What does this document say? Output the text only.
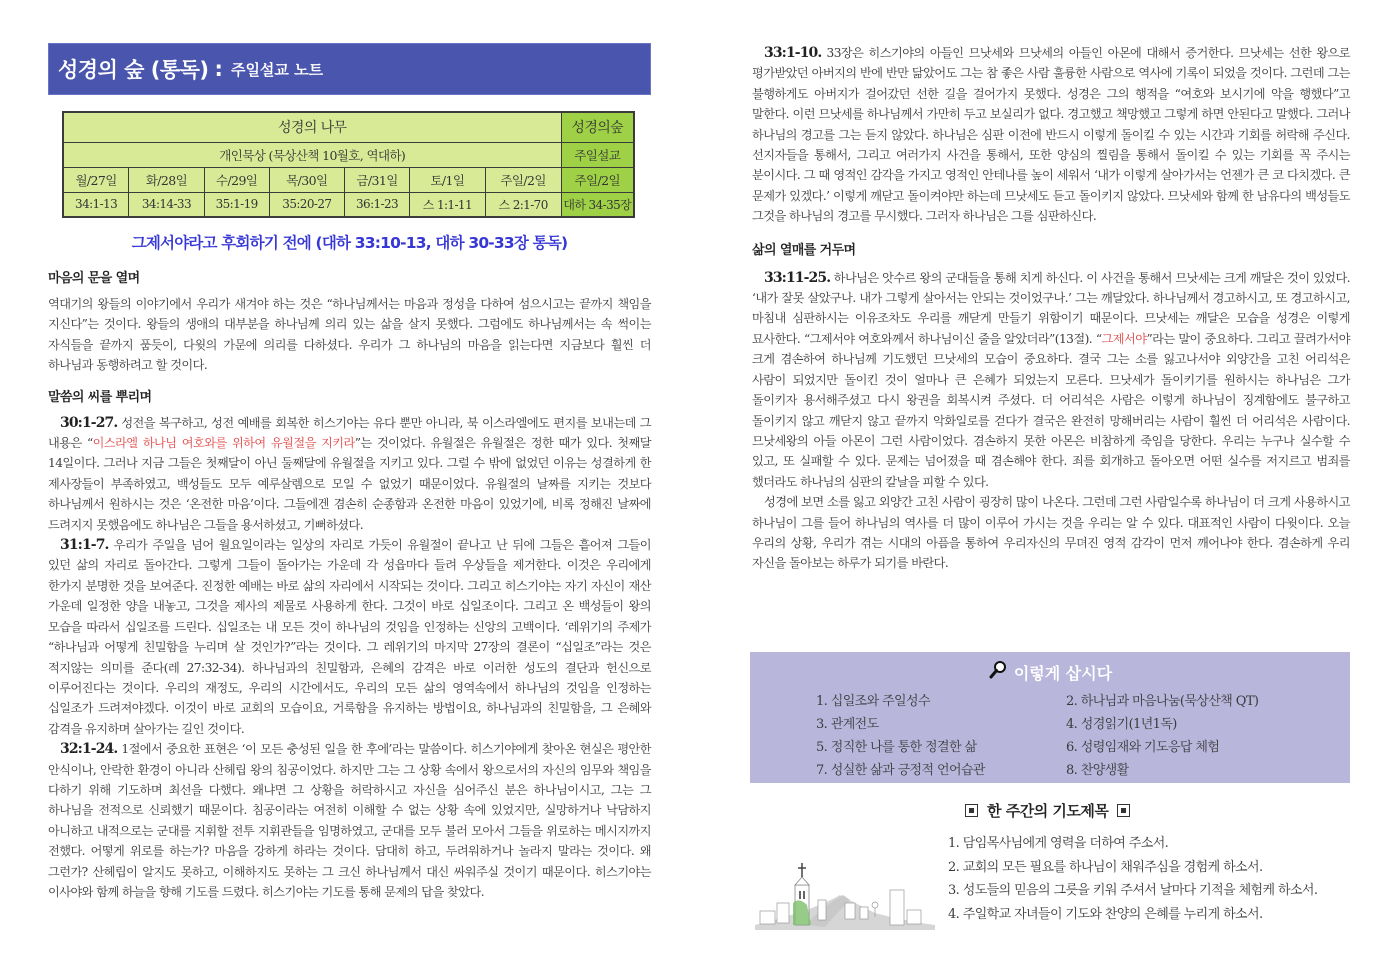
성경의 숲 (통독) : 주일설교 노트
성경의 나무							성경의숲
개인묵상 (묵상산책 10월호, 역대하)							주일설교
월/27일	화/28일	수/29일	목/30일	금/31일	토/1일	주일/2일	주일/2일
34:1-13	34:14-33	35:1-19	35:20-27	36:1-23	스 1:1-11	스 2:1-70	대하 34-35장
그제서야라고 후회하기 전에 (대하 33:10-13, 대하 30-33장 통독)
마음의 문을 열며

역대기의 왕들의 이야기에서 우리가 새겨야 하는 것은 “하나님께서는 마음과 정성을 다하여 섬으시고는 끝까지 책임을 지신다”는 것이다. 왕들의 생애의 대부분을 하나님께 의리 있는 삶을 살지 못했다. 그럼에도 하나님께서는 속 썩이는 자식들을 끝까지 품듯이, 다윗의 가문에 의리를 다하셨다. 우리가 그 하나님의 마음을 읽는다면 지금보다 훨씬 더 하나님과 동행하려고 할 것이다.

말씀의 씨를 뿌리며

30:1-27. 성전을 복구하고, 성전 예배를 회복한 히스기야는 유다 뿐만 아니라, 북 이스라엘에도 편지를 보내는데 그 내용은 “이스라엘 하나님 여호와를 위하여 유월절을 지키라”는 것이었다. 유월절은 유월절은 정한 때가 있다. 첫째달 14일이다. 그러나 지금 그들은 첫째달이 아닌 둘째달에 유월절을 지키고 있다. 그럴 수 밖에 없었던 이유는 성결하게 한 제사장들이 부족하였고, 백성들도 모두 예루살렘으로 모일 수 없었기 때문이었다. 유월절의 날짜를 지키는 것보다 하나님께서 원하시는 것은 ‘온전한 마음’이다. 그들에겐 겸손히 순종함과 온전한 마음이 있었기에, 비록 정해진 날짜에 드려지지 못했음에도 하나님은 그들을 용서하셨고, 기뻐하셨다.

31:1-7. 우리가 주일을 넘어 월요일이라는 일상의 자리로 가듯이 유월절이 끝나고 난 뒤에 그들은 흩어져 그들이 있던 삶의 자리로 돌아간다. 그렇게 그들이 돌아가는 가운데 각 성읍마다 들려 우상들을 제거한다. 이것은 우리에게 한가지 분명한 것을 보여준다. 진정한 예배는 바로 삶의 자리에서 시작되는 것이다. 그리고 히스기야는 자기 자신이 재산 가운데 일정한 양을 내놓고, 그것을 제사의 제물로 사용하게 한다. 그것이 바로 십일조이다. 그리고 온 백성들이 왕의 모습을 따라서 십일조를 드린다. 십일조는 내 모든 것이 하나님의 것임을 인정하는 신앙의 고백이다. ‘레위기의 주제가 “하나님과 어떻게 친밀함을 누리며 살 것인가?”라는 것이다. 그 레위기의 마지막 27장의 결론이 “십일조”라는 것은 적지않는 의미를 준다(레 27:32-34). 하나님과의 친밀함과, 은혜의 감격은 바로 이러한 성도의 결단과 헌신으로 이루어진다는 것이다. 우리의 재정도, 우리의 시간에서도, 우리의 모든 삶의 영역속에서 하나님의 것임을 인정하는 십일조가 드려져야겠다. 이것이 바로 교회의 모습이요, 거룩함을 유지하는 방법이요, 하나님과의 친밀함을, 그 은혜와 감격을 유지하며 살아가는 길인 것이다.

32:1-24. 1절에서 중요한 표현은 ‘이 모든 충성된 일을 한 후에’라는 말씀이다. 히스기야에게 찾아온 현실은 평안한 안식이나, 안락한 환경이 아니라 산헤립 왕의 침공이었다. 하지만 그는 그 상황 속에서 왕으로서의 자신의 임무와 책임을 다하기 위해 기도하며 최선을 다했다. 왜냐면 그 상황을 허락하시고 자신을 심어주신 분은 하나님이시고, 그는 그 하나님을 전적으로 신뢰했기 때문이다. 침공이라는 여전히 이해할 수 없는 상황 속에 있었지만, 실망하거나 낙담하지 아니하고 내적으로는 군대를 지휘할 전투 지휘관들을 임명하였고, 군대를 모두 불러 모아서 그들을 위로하는 메시지까지 전했다. 어떻게 위로를 하는가? 마음을 강하게 하라는 것이다. 담대히 하고, 두려워하거나 놀라지 말라는 것이다. 왜 그런가? 산헤립이 알지도 못하고, 이해하지도 못하는 그 크신 하나님께서 대신 싸워주실 것이기 때문이다. 히스기야는 이사야와 함께 하늘을 향해 기도를 드렸다. 히스기야는 기도를 통해 문제의 답을 찾았다.

33:1-10. 33장은 히스기야의 아들인 므낫세와 므낫세의 아들인 아몬에 대해서 증거한다. 므낫세는 선한 왕으로 평가받았던 아버지의 반에 반만 닮았어도 그는 참 좋은 사람 훌륭한 사람으로 역사에 기록이 되었을 것이다. 그런데 그는 불행하게도 아버지가 걸어갔던 선한 길을 걸어가지 못했다. 성경은 그의 행적을 “여호와 보시기에 악을 행했다”고 말한다. 이런 므낫세를 하나님께서 가만히 두고 보실리가 없다. 경고했고 책망했고 그렇게 하면 안된다고 말했다. 그러나 하나님의 경고를 그는 듣지 않았다. 하나님은 심판 이전에 반드시 이렇게 돌이킬 수 있는 시간과 기회를 허락해 주신다. 선지자들을 통해서, 그리고 여러가지 사건을 통해서, 또한 양심의 찔림을 통해서 돌이킬 수 있는 기회를 꼭 주시는 분이시다. 그 때 영적인 감각을 가지고 영적인 안테나를 높이 세워서 ‘내가 이렇게 살아가서는 언젠가 큰 코 다치겠다. 큰 문제가 있겠다.’ 이렇게 깨닫고 돌이켜야만 하는데 므낫세도 듣고 돌이키지 않았다. 므낫세와 함께 한 남유다의 백성들도 그것을 하나님의 경고를 무시했다. 그러자 하나님은 그를 심판하신다.

삶의 열매를 거두며

33:11-25. 하나님은 앗수르 왕의 군대들을 통해 치게 하신다. 이 사건을 통해서 므낫세는 크게 깨달은 것이 있었다. ‘내가 잘못 살았구나. 내가 그렇게 살아서는 안되는 것이었구나.’ 그는 깨달았다. 하나님께서 경고하시고, 또 경고하시고, 마침내 심판하시는 이유조차도 우리를 깨닫게 만들기 위함이기 때문이다. 므낫세는 깨달은 모습을 성경은 이렇게 묘사한다. “그제서야 여호와께서 하나님이신 줄을 알았더라”(13절). “그제서야”라는 말이 중요하다. 그리고 끌려가서야 크게 겸손하여 하나님께 기도했던 므낫세의 모습이 중요하다. 결국 그는 소를 잃고나서야 외양간을 고친 어리석은 사람이 되었지만 돌이킨 것이 얼마나 큰 은혜가 되었는지 모른다. 므낫세가 돌이키기를 원하시는 하나님은 그가 돌이키자 용서해주셨고 다시 왕권을 회복시켜 주셨다. 더 어리석은 사람은 이렇게 하나님이 징계함에도 불구하고 돌이키지 않고 깨닫지 않고 끝까지 악화일로를 걷다가 결국은 완전히 망해버리는 사람이 훨씬 더 어리석은 사람이다. 므낫세왕의 아들 아몬이 그런 사람이었다. 겸손하지 못한 아몬은 비참하게 죽임을 당한다. 우리는 누구나 실수할 수 있고, 또 실패할 수 있다. 문제는 넘어졌을 때 겸손해야 한다. 죄를 회개하고 돌아오면 어떤 실수를 저지르고 범죄를 했더라도 하나님의 심판의 칼날을 피할 수 있다.

성경에 보면 소를 잃고 외양간 고친 사람이 굉장히 많이 나온다. 그런데 그런 사람일수록 하나님이 더 크게 사용하시고 하나님이 그를 들어 하나님의 역사를 더 많이 이루어 가시는 것을 우리는 알 수 있다. 대표적인 사람이 다윗이다. 오늘 우리의 상황, 우리가 겪는 시대의 아픔을 통하여 우리자신의 무뎌진 영적 감각이 먼저 깨어나야 한다. 겸손하게 우리 자신을 돌아보는 하루가 되기를 바란다.

이렇게 삽시다
1. 십일조와 주일성수	2. 하나님과 마음나눔(묵상산책 QT)
3. 관계전도	4. 성경읽기(1년1독)
5. 정직한 나를 통한 정결한 삶	6. 성령임재와 기도응답 체험
7. 성실한 삶과 긍정적 언어습관	8. 찬양생활
한 주간의 기도제목
1. 담임목사님에게 영력을 더하여 주소서.
2. 교회의 모든 필요를 하나님이 채워주심을 경험케 하소서.
3. 성도들의 믿음의 그릇을 키워 주셔서 날마다 기적을 체험케 하소서.
4. 주일학교 자녀들이 기도와 찬양의 은혜를 누리게 하소서.
